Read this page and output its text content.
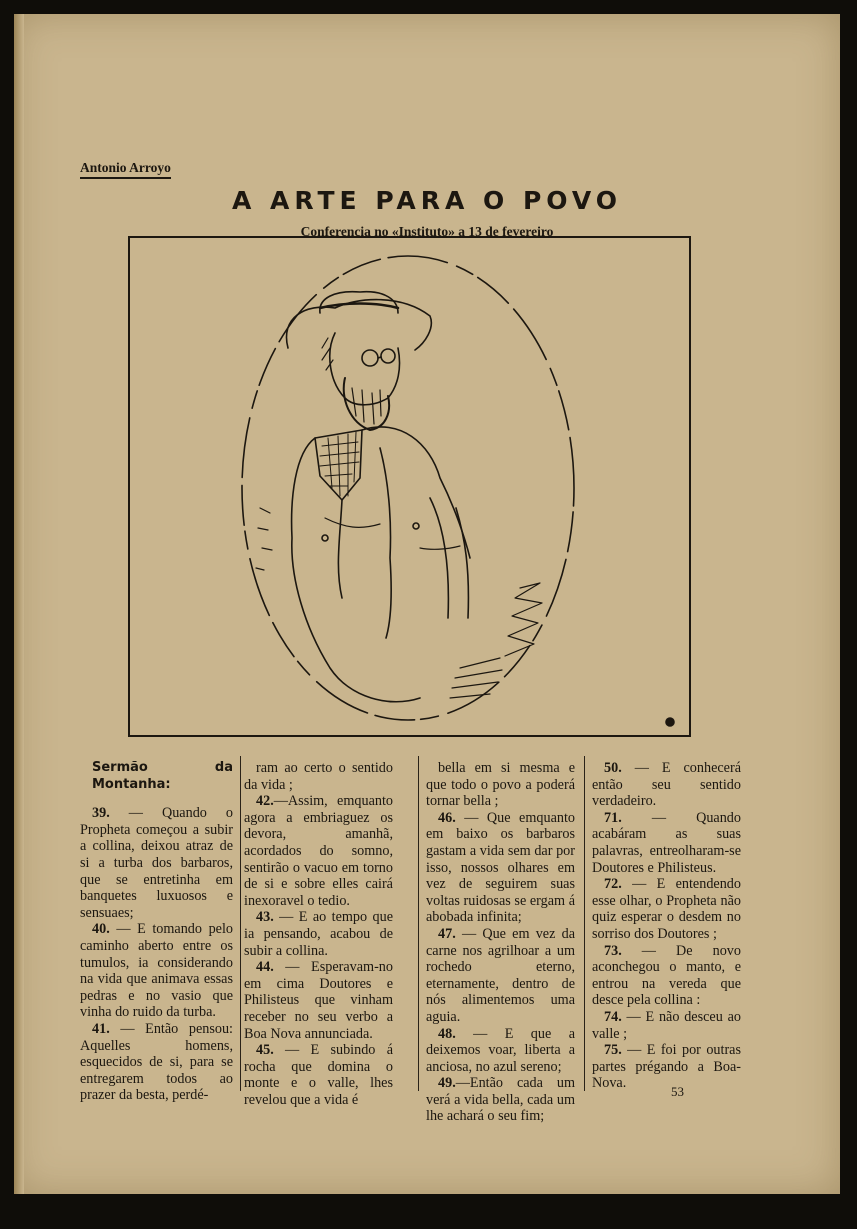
Antonio Arroyo
A ARTE PARA O POVO
Conferencia no «Instituto» a 13 de fevereiro
Sermão da Montanha:

39. — Quando o Propheta começou a subir a collina, deixou atraz de si a turba dos barbaros, que se entretinha em banquetes luxuosos e sensuaes;

40. — E tomando pelo caminho aberto entre os tumulos, ia considerando na vida que animava essas pedras e no vasio que vinha do ruido da turba.

41. — Então pensou: Aquelles homens, esquecidos de si, para se entregarem todos ao prazer da besta, perdé-

ram ao certo o sentido da vida ;

42.—Assim, emquanto agora a embriaguez os devora, amanhã, acordados do somno, sentirão o vacuo em torno de si e sobre elles cairá inexoravel o tedio.

43. — E ao tempo que ia pensando, acabou de subir a collina.

44. — Esperavam-no em cima Doutores e Philisteus que vinham receber no seu verbo a Boa Nova annunciada.

45. — E subindo á rocha que domina o monte e o valle, lhes revelou que a vida é

bella em si mesma e que todo o povo a poderá tornar bella ;

46. — Que emquanto em baixo os barbaros gastam a vida sem dar por isso, nossos olhares em vez de seguirem suas voltas ruidosas se ergam á abobada infinita;

47. — Que em vez da carne nos agrilhoar a um rochedo eterno, eternamente, dentro de nós alimentemos uma aguia.

48. — E que a deixemos voar, liberta a anciosa, no azul sereno;

49.—Então cada um verá a vida bella, cada um lhe achará o seu fim;

50. — E conhecerá então seu sentido verdadeiro.

71. — Quando acabáram as suas palavras, entreolharam-se Doutores e Philisteus.

72. — E entendendo esse olhar, o Propheta não quiz esperar o desdem no sorriso dos Doutores ;

73. — De novo aconchegou o manto, e entrou na vereda que desce pela collina :

74. — E não desceu ao valle ;

75. — E foi por outras partes prégando a Boa-Nova.

53
